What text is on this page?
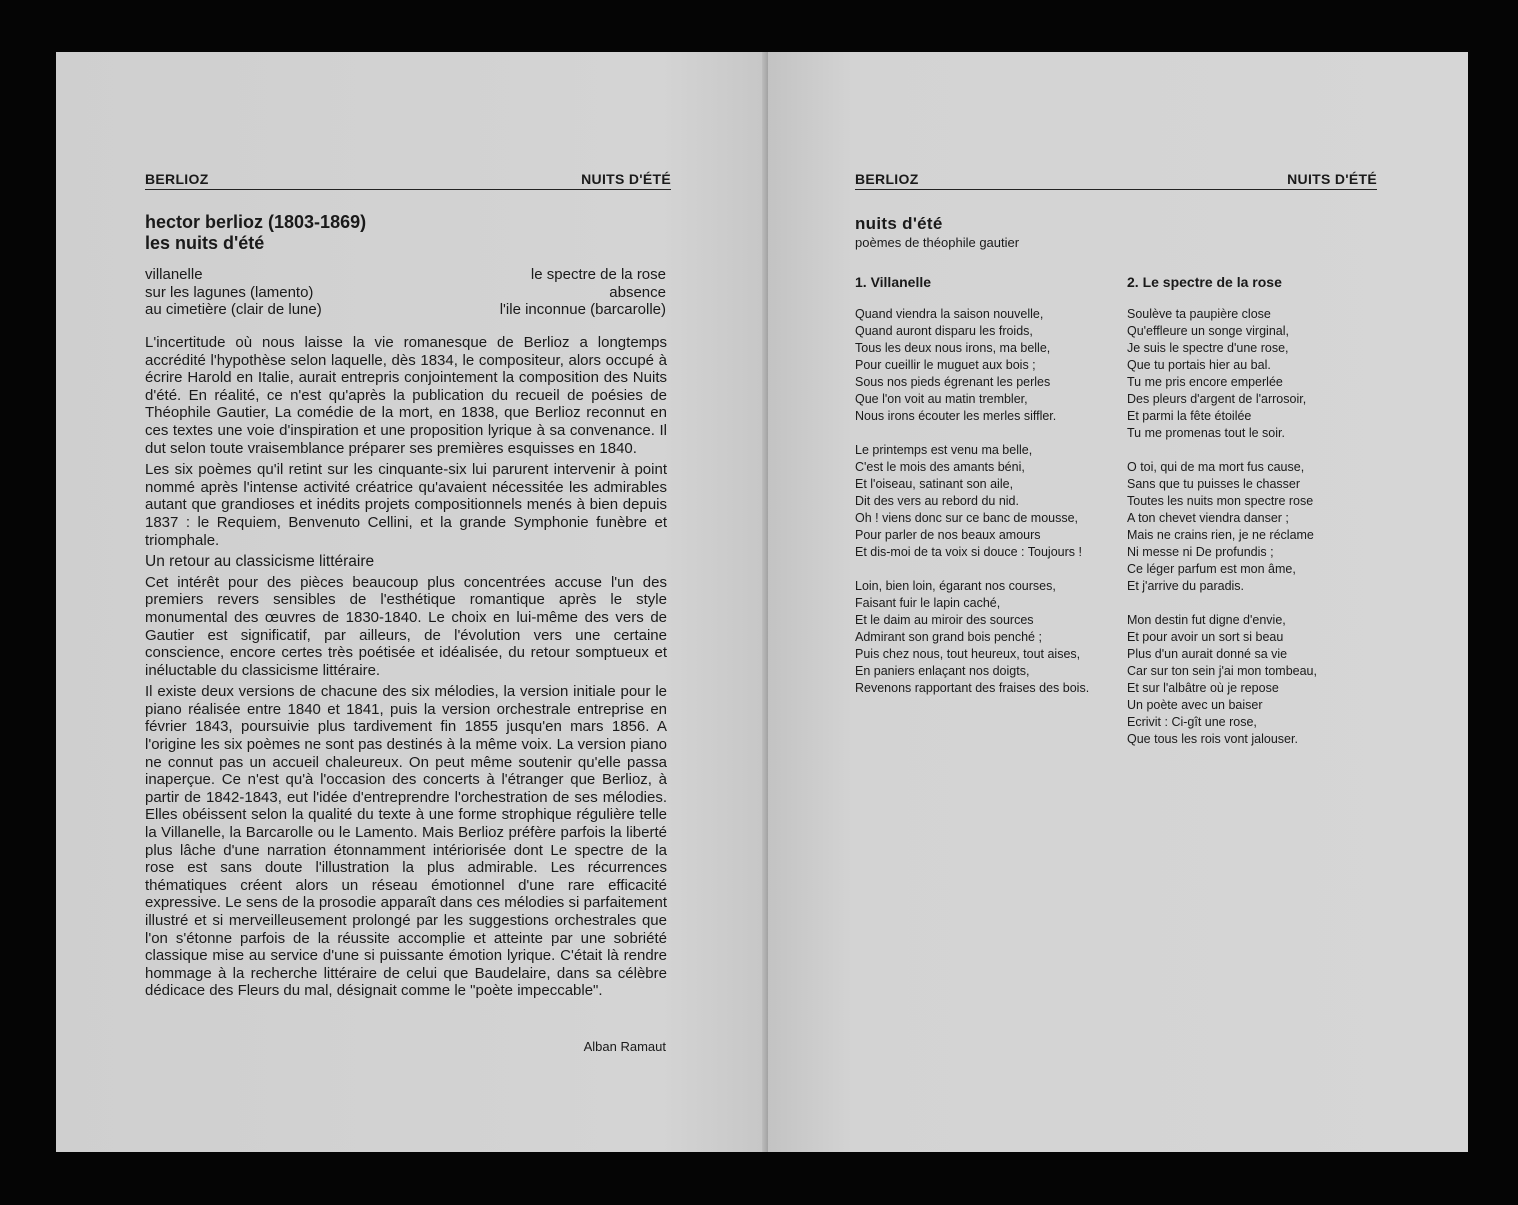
BERLIOZ	NUITS D'ÉTÉ
hector berlioz (1803-1869)
les nuits d'été
villanelle	le spectre de la rose
sur les lagunes (lamento)	absence
au cimetière (clair de lune)	l'ile inconnue (barcarolle)

L'incertitude où nous laisse la vie romanesque de Berlioz a longtemps accrédité l'hypothèse selon laquelle, dès 1834, le compositeur, alors occupé à écrire Harold en Italie, aurait entrepris conjointement la composition des Nuits d'été. En réalité, ce n'est qu'après la publication du recueil de poésies de Théophile Gautier, La comédie de la mort, en 1838, que Berlioz reconnut en ces textes une voie d'inspiration et une proposition lyrique à sa convenance. Il dut selon toute vraisemblance préparer ses premières esquisses en 1840.

Les six poèmes qu'il retint sur les cinquante-six lui parurent intervenir à point nommé après l'intense activité créatrice qu'avaient nécessitée les admirables autant que grandioses et inédits projets compositionnels menés à bien depuis 1837 : le Requiem, Benvenuto Cellini, et la grande Symphonie funèbre et triomphale.

Un retour au classicisme littéraire

Cet intérêt pour des pièces beaucoup plus concentrées accuse l'un des premiers revers sensibles de l'esthétique romantique après le style monumental des œuvres de 1830-1840. Le choix en lui-même des vers de Gautier est significatif, par ailleurs, de l'évolution vers une certaine conscience, encore certes très poétisée et idéalisée, du retour somptueux et inéluctable du classicisme littéraire.

Il existe deux versions de chacune des six mélodies, la version initiale pour le piano réalisée entre 1840 et 1841, puis la version orchestrale entreprise en février 1843, poursuivie plus tardivement fin 1855 jusqu'en mars 1856. A l'origine les six poèmes ne sont pas destinés à la même voix. La version piano ne connut pas un accueil chaleureux. On peut même soutenir qu'elle passa inaperçue. Ce n'est qu'à l'occasion des concerts à l'étranger que Berlioz, à partir de 1842-1843, eut l'idée d'entreprendre l'orchestration de ses mélodies. Elles obéissent selon la qualité du texte à une forme strophique régulière telle la Villanelle, la Barcarolle ou le Lamento. Mais Berlioz préfère parfois la liberté plus lâche d'une narration étonnamment intériorisée dont Le spectre de la rose est sans doute l'illustration la plus admirable. Les récurrences thématiques créent alors un réseau émotionnel d'une rare efficacité expressive. Le sens de la prosodie apparaît dans ces mélodies si parfaitement illustré et si merveilleusement prolongé par les suggestions orchestrales que l'on s'étonne parfois de la réussite accomplie et atteinte par une sobriété classique mise au service d'une si puissante émotion lyrique. C'était là rendre hommage à la recherche littéraire de celui que Baudelaire, dans sa célèbre dédicace des Fleurs du mal, désignait comme le "poète impeccable".

Alban Ramaut
BERLIOZ	NUITS D'ÉTÉ
nuits d'été
poèmes de théophile gautier
1. Villanelle
Quand viendra la saison nouvelle,
Quand auront disparu les froids,
Tous les deux nous irons, ma belle,
Pour cueillir le muguet aux bois ;
Sous nos pieds égrenant les perles
Que l'on voit au matin trembler,
Nous irons écouter les merles siffler.
Le printemps est venu ma belle,
C'est le mois des amants béni,
Et l'oiseau, satinant son aile,
Dit des vers au rebord du nid.
Oh ! viens donc sur ce banc de mousse,
Pour parler de nos beaux amours
Et dis-moi de ta voix si douce : Toujours !
Loin, bien loin, égarant nos courses,
Faisant fuir le lapin caché,
Et le daim au miroir des sources
Admirant son grand bois penché ;
Puis chez nous, tout heureux, tout aises,
En paniers enlaçant nos doigts,
Revenons rapportant des fraises des bois.
2. Le spectre de la rose
Soulève ta paupière close
Qu'effleure un songe virginal,
Je suis le spectre d'une rose,
Que tu portais hier au bal.
Tu me pris encore emperlée
Des pleurs d'argent de l'arrosoir,
Et parmi la fête étoilée
Tu me promenas tout le soir.
O toi, qui de ma mort fus cause,
Sans que tu puisses le chasser
Toutes les nuits mon spectre rose
A ton chevet viendra danser ;
Mais ne crains rien, je ne réclame
Ni messe ni De profundis ;
Ce léger parfum est mon âme,
Et j'arrive du paradis.
Mon destin fut digne d'envie,
Et pour avoir un sort si beau
Plus d'un aurait donné sa vie
Car sur ton sein j'ai mon tombeau,
Et sur l'albâtre où je repose
Un poète avec un baiser
Ecrivit : Ci-gît une rose,
Que tous les rois vont jalouser.
